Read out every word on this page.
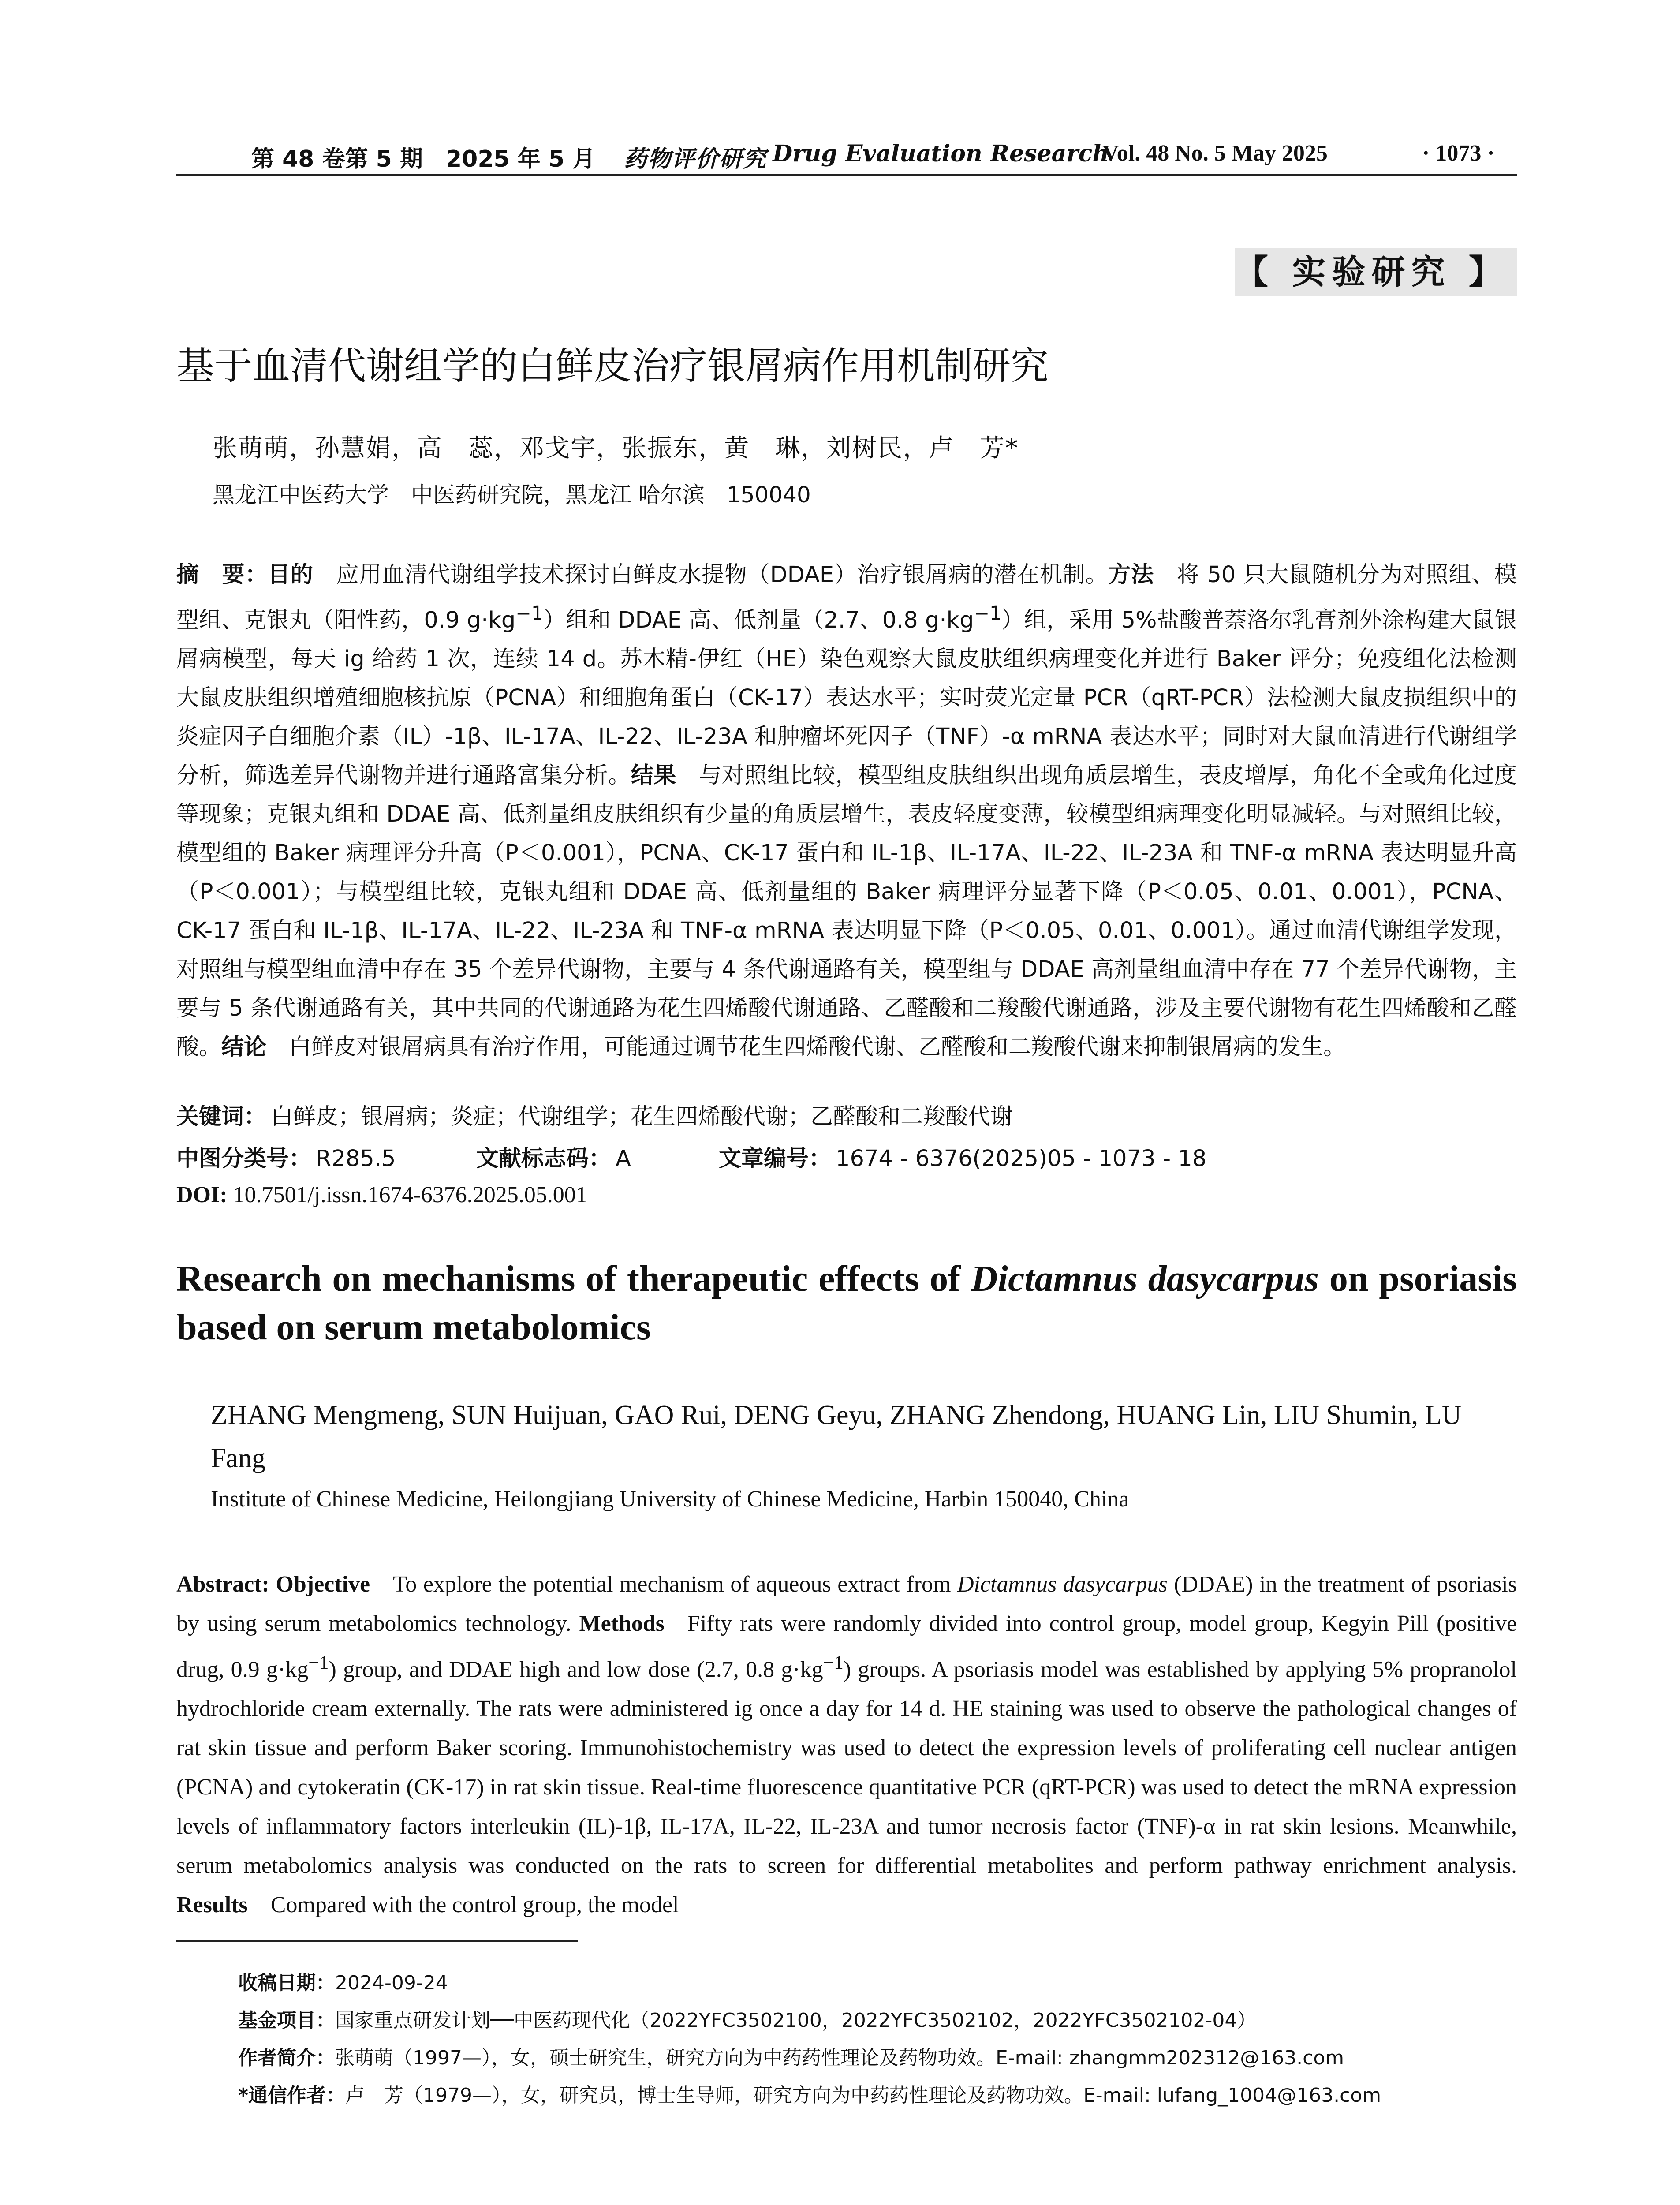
第 48 卷第 5 期　2025 年 5 月 药物评价研究 Drug Evaluation Research
Vol. 48 No. 5 May 2025	· 1073 ·
【 实验研究 】
基于血清代谢组学的白鲜皮治疗银屑病作用机制研究
张萌萌，孙慧娟，高　蕊，邓戈宇，张振东，黄　琳，刘树民，卢　芳*
黑龙江中医药大学　中医药研究院，黑龙江 哈尔滨　150040
摘　要：目的  应用血清代谢组学技术探讨白鲜皮水提物（DDAE）治疗银屑病的潜在机制。方法  将 50 只大鼠随机分为对照组、模型组、克银丸（阳性药，0.9 $g\cdot kg^{-1}$）组和 DDAE 高、低剂量（2.7、0.8 $g\cdot kg^{-1}$）组，采用 5%盐酸普萘洛尔乳膏剂外涂构建大鼠银屑病模型，每天 ig 给药 1 次，连续 14 d。苏木精-伊红（HE）染色观察大鼠皮肤组织病理变化并进行 Baker 评分；免疫组化法检测大鼠皮肤组织增殖细胞核抗原（PCNA）和细胞角蛋白（CK-17）表达水平；实时荧光定量 PCR（qRT-PCR）法检测大鼠皮损组织中的炎症因子白细胞介素（IL）-1β、IL-17A、IL-22、IL-23A 和肿瘤坏死因子（TNF）-α mRNA 表达水平；同时对大鼠血清进行代谢组学分析，筛选差异代谢物并进行通路富集分析。结果  与对照组比较，模型组皮肤组织出现角质层增生，表皮增厚，角化不全或角化过度等现象；克银丸组和 DDAE 高、低剂量组皮肤组织有少量的角质层增生，表皮轻度变薄，较模型组病理变化明显减轻。与对照组比较，模型组的 Baker 病理评分升高（P＜0.001），PCNA、CK-17 蛋白和 IL-1β、IL-17A、IL-22、IL-23A 和 TNF-α mRNA 表达明显升高（P＜0.001）；与模型组比较，克银丸组和 DDAE 高、低剂量组的 Baker 病理评分显著下降（P＜0.05、0.01、0.001），PCNA、CK-17 蛋白和 IL-1β、IL-17A、IL-22、IL-23A 和 TNF-α mRNA 表达明显下降（P＜0.05、0.01、0.001）。通过血清代谢组学发现，对照组与模型组血清中存在 35 个差异代谢物，主要与 4 条代谢通路有关，模型组与 DDAE 高剂量组血清中存在 77 个差异代谢物，主要与 5 条代谢通路有关，其中共同的代谢通路为花生四烯酸代谢通路、乙醛酸和二羧酸代谢通路，涉及主要代谢物有花生四烯酸和乙醛酸。结论  白鲜皮对银屑病具有治疗作用，可能通过调节花生四烯酸代谢、乙醛酸和二羧酸代谢来抑制银屑病的发生。
关键词： 白鲜皮；银屑病；炎症；代谢组学；花生四烯酸代谢；乙醛酸和二羧酸代谢
中图分类号： R285.5	文献标志码： A	文章编号： 1674 - 6376(2025)05 - 1073 - 18
DOI: 10.7501/j.issn.1674-6376.2025.05.001
Research on mechanisms of therapeutic effects of Dictamnus dasycarpus on psoriasis based on serum metabolomics
ZHANG Mengmeng, SUN Huijuan, GAO Rui, DENG Geyu, ZHANG Zhendong, HUANG Lin, LIU Shumin, LU Fang
Institute of Chinese Medicine, Heilongjiang University of Chinese Medicine, Harbin 150040, China
Abstract: Objective  To explore the potential mechanism of aqueous extract from Dictamnus dasycarpus (DDAE) in the treatment of psoriasis by using serum metabolomics technology. Methods  Fifty rats were randomly divided into control group, model group, Kegyin Pill (positive drug, 0.9 $g\cdot kg^{-1}$) group, and DDAE high and low dose (2.7, 0.8 $g\cdot kg^{-1}$) groups. A psoriasis model was established by applying 5% propranolol hydrochloride cream externally. The rats were administered ig once a day for 14 d. HE staining was used to observe the pathological changes of rat skin tissue and perform Baker scoring. Immunohistochemistry was used to detect the expression levels of proliferating cell nuclear antigen (PCNA) and cytokeratin (CK-17) in rat skin tissue. Real-time fluorescence quantitative PCR (qRT-PCR) was used to detect the mRNA expression levels of inflammatory factors interleukin (IL)-1β, IL-17A, IL-22, IL-23A and tumor necrosis factor (TNF)-α in rat skin lesions. Meanwhile, serum metabolomics analysis was conducted on the rats to screen for differential metabolites and perform pathway enrichment analysis. Results  Compared with the control group, the model
收稿日期：2024-09-24
基金项目：国家重点研发计划──中医药现代化（2022YFC3502100，2022YFC3502102，2022YFC3502102-04）
作者简介：张萌萌（1997—），女，硕士研究生，研究方向为中药药性理论及药物功效。E-mail: zhangmm202312@163.com
*通信作者：卢　芳（1979—），女，研究员，博士生导师，研究方向为中药药性理论及药物功效。E-mail: lufang_1004@163.com
